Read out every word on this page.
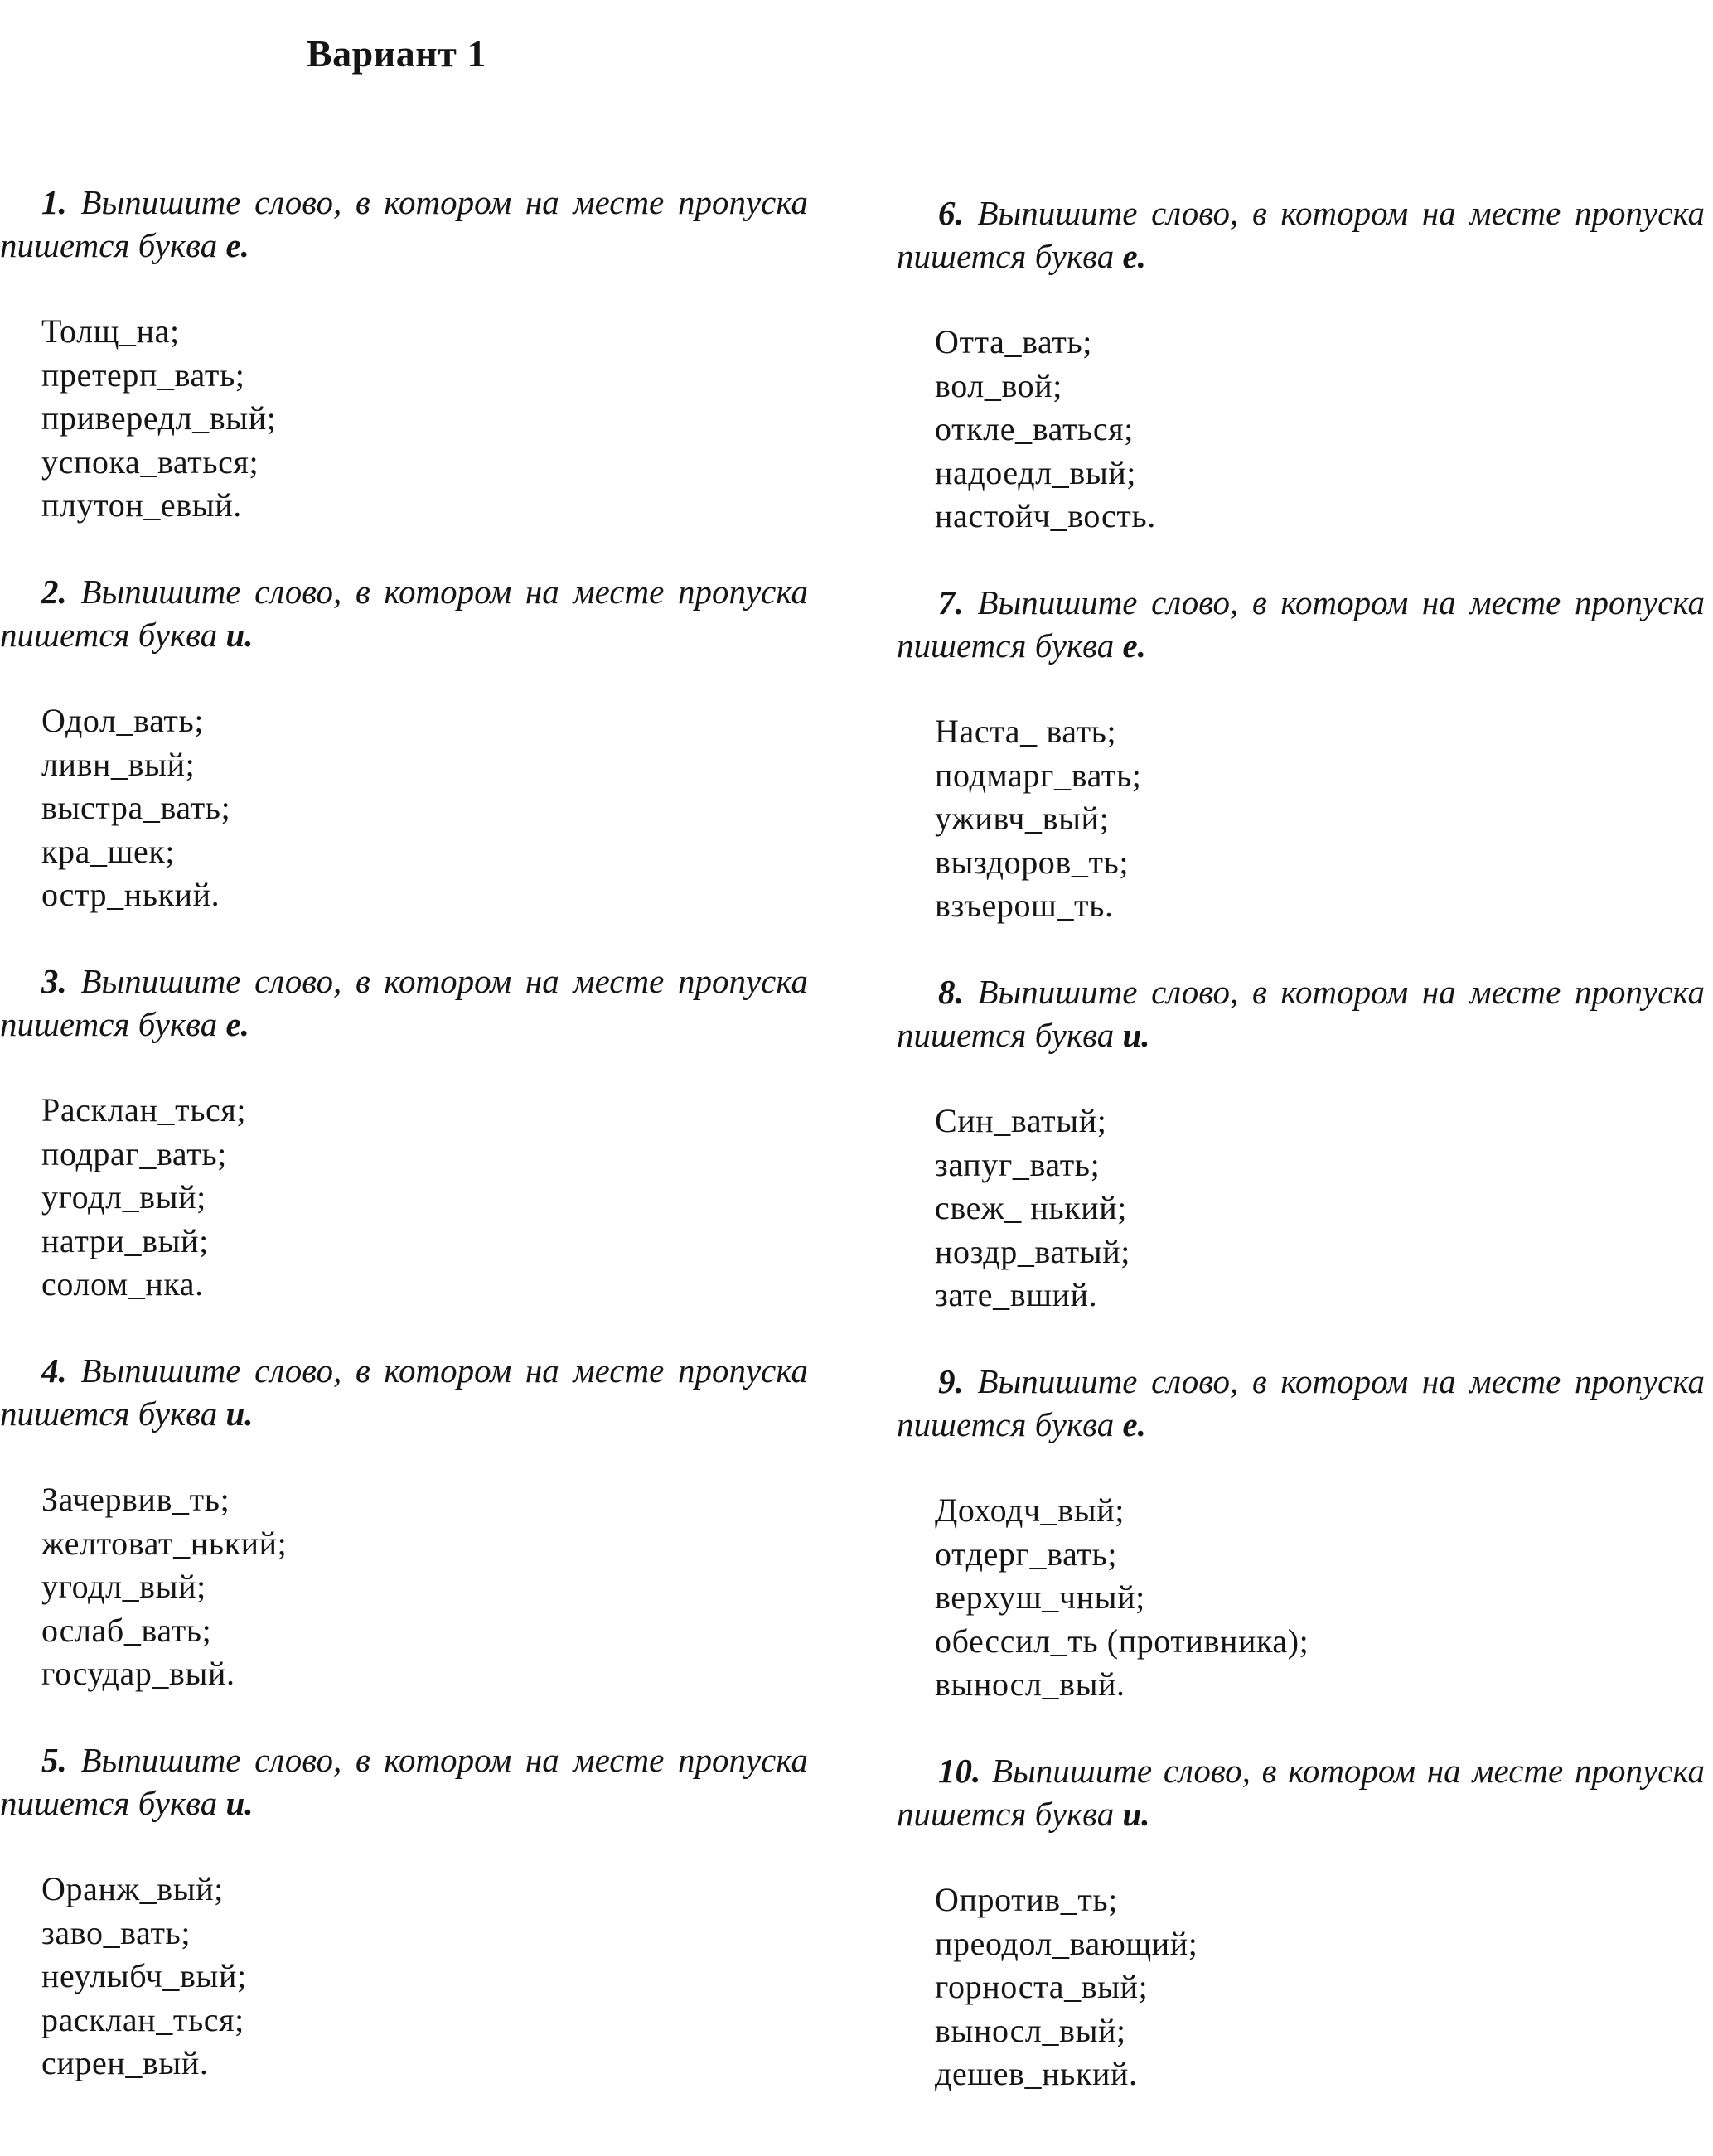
Вариант 1

1. Выпишите слово, в котором на месте пропуска пишется буква е.

Толщ_на;
претерп_вать;
привередл_вый;
успока_ваться;
плутон_евый.

2. Выпишите слово, в котором на месте пропуска пишется буква и.

Одол_вать;
ливн_вый;
выстра_вать;
кра_шек;
остр_нький.

3. Выпишите слово, в котором на месте пропуска пишется буква е.

Расклан_ться;
подраг_вать;
угодл_вый;
натри_вый;
солом_нка.

4. Выпишите слово, в котором на месте пропуска пишется буква и.

Зачервив_ть;
желтоват_нький;
угодл_вый;
ослаб_вать;
государ_вый.

5. Выпишите слово, в котором на месте пропуска пишется буква и.

Оранж_вый;
заво_вать;
неулыбч_вый;
расклан_ться;
сирен_вый.

6. Выпишите слово, в котором на месте пропуска пишется буква е.

Отта_вать;
вол_вой;
откле_ваться;
надоедл_вый;
настойч_вость.

7. Выпишите слово, в котором на месте пропуска пишется буква е.

Наста_ вать;
подмарг_вать;
уживч_вый;
выздоров_ть;
взъерош_ть.

8. Выпишите слово, в котором на месте пропуска пишется буква и.

Син_ватый;
запуг_вать;
свеж_ нький;
ноздр_ватый;
зате_вший.

9. Выпишите слово, в котором на месте пропуска пишется буква е.

Доходч_вый;
отдерг_вать;
верхуш_чный;
обессил_ть (противника);
выносл_вый.

10. Выпишите слово, в котором на месте пропуска пишется буква и.

Опротив_ть;
преодол_вающий;
горноста_вый;
выносл_вый;
дешев_нький.
